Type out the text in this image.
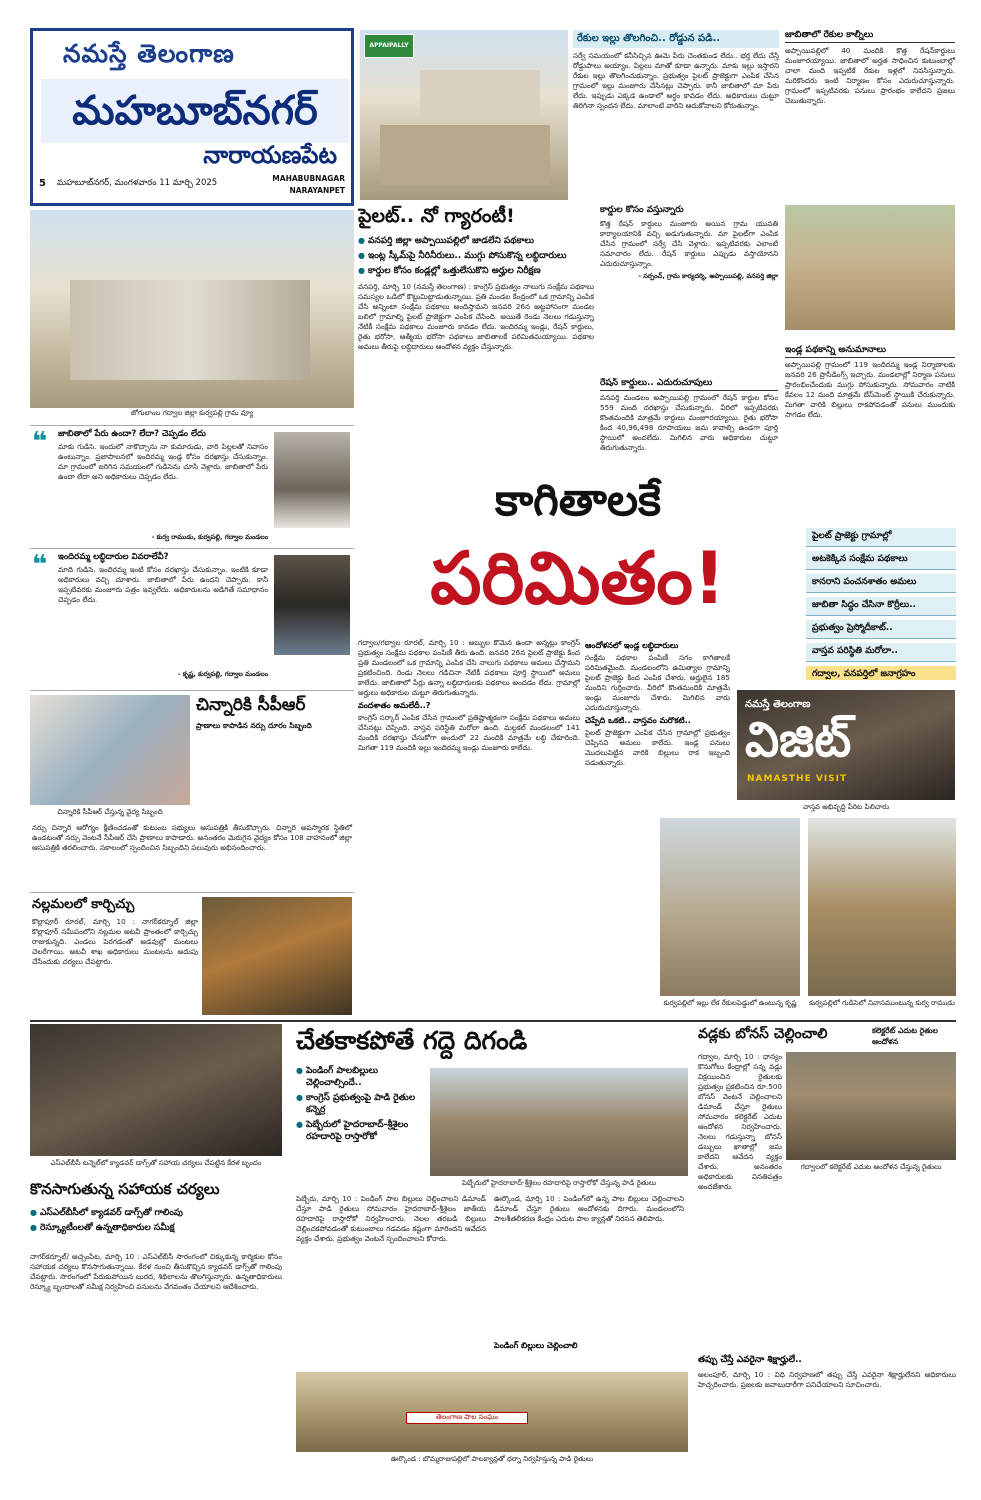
నమస్తే తెలంగాణ
మహబూబ్‌నగర్
నారాయణపేట
5 మహబూబ్‌నగర్, మంగళవారం 11 మార్చి 2025	MAHABUBNAGAR
NARAYANPET
APPAIPALLY
రేకుల ఇల్లు తొలగించి.. రోడ్డున పడి..
సర్వే సమయంలో కనీసిచ్చిన ఊమె పేరు చెంతకుండ లేదు.. భర్త లేదు చేస్తే రోడ్డుపాలు అయ్యాం. పిల్లలు మాతో కూడా ఉన్నారు. మాకు ఇల్లు ఇస్తారని రేకుల ఇల్లు తొలగించుకున్నాం. ప్రభుత్వం పైలట్‌ ప్రాజెక్టుగా ఎంపిక చేసిన గ్రామంలో ఇల్లు మంజూరు చేసినట్లు చెప్పారు. కానీ జాబితాలో మా పేరు లేదు. ఇప్పుడు ఎక్కడ ఉండాలో అర్థం కావడం లేదు. అధికారులు చుట్టూ తిరిగినా స్పందన లేదు. మాలాంటి వారిని ఆదుకోవాలని కోరుతున్నాం.
జాబితాలో రేకుల కాల్నీలు
అప్పాయిపల్లిలో 40 మందికి కొత్త రేషన్‌కార్డులు మంజూరయ్యాయి. జాబితాలో అర్హత సాధించిన కుటుంబాల్లో చాలా మంది ఇప్పటికే రేకుల ఇళ్లలో నివసిస్తున్నారు. మరికొందరు ఇంటి నిర్మాణం కోసం ఎదురుచూస్తున్నారు. గ్రామంలో ఇప్పటివరకు పనులు ప్రారంభం కాలేదని ప్రజలు చెబుతున్నారు.
జోగులాంబ గద్వాల జిల్లా కుర్వపల్లి గ్రామ వ్యూ
పైలట్‌.. నో గ్యారంటీ!
● వనపర్తి జిల్లా అప్పాయిపల్లిలో జాడలేని పథకాలు
● ఇంట్ల స్కీమ్‌పై నీరినీరులు.. ముగ్గు పోసుకొన్న లబ్ధిదారులు
● కార్డుల కోసం కండ్లల్లో ఒత్తులేసుకొని అర్హుల నిరీక్షణ
వనపర్తి, మార్చి 10 (నమస్తే తెలంగాణ) : కాంగ్రెస్‌ ప్రభుత్వం నాలుగు సంక్షేమ పథకాలు సమస్యల ఒడిలో కొట్టుమిట్టాడుతున్నాయి. ప్రతి మండల కేంద్రంలో ఒక గ్రామాన్ని ఎంపిక చేసి అన్నింటా సంక్షేమ పథకాలు అందిస్తామని జనవరి 26న అట్టహాసంగా మండల బలిలో గ్రామాల్ని పైలట్‌ ప్రాజెక్టుగా ఎంపిక చేసింది. అయితే రెండు నెలలు గడుస్తున్నా నేటికీ సంక్షేమ పథకాలు మంజూరు కావడం లేదు. ఇందిరమ్మ ఇండ్లు, రేషన్‌ కార్డులు, రైతు భరోసా, ఆత్మీయ భరోసా పథకాలు జాబితాలకే పరిమితమయ్యాయి. పథకాల అమలు తీరుపై లబ్ధిదారులు ఆందోళన వ్యక్తం చేస్తున్నారు.
కార్డుల కోసం వస్తున్నారు
కొత్త రేషన్‌ కార్డులు మంజూరు అయిన గ్రామ యువతి కార్యాలయానికి వచ్చి అడుగుతున్నారు. మా పైలట్‌గా ఎంపిక చేసిన గ్రామంలో సర్వే చేసి వెళ్లారు. ఇప్పటివరకు ఎలాంటి సమాచారం లేదు. రేషన్‌ కార్డులు ఎప్పుడు వస్తాయోనని ఎదురుచూస్తున్నాం.
- సర్పంచ్, గ్రామ కార్యదర్శి, అప్పాయిపల్లి, వనపర్తి జిల్లా
రేషన్‌ కార్డులు.. ఎదురుచూపులు
వనపర్తి మండలం అప్పాయిపల్లి గ్రామంలో రేషన్‌ కార్డుల కోసం 559 మంది దరఖాస్తు చేసుకున్నారు. వీరిలో ఇప్పటివరకు కొంతమందికి మాత్రమే కార్డులు మంజూరయ్యాయి. రైతు భరోసా కింద 40,96,498 రూపాయలు జమ కావాల్సి ఉండగా పూర్తి స్థాయిలో అందలేదు. మిగిలిన వారు అధికారుల చుట్టూ తిరుగుతున్నారు.
ఇండ్ల పథకాన్ని అనుమానాలు
అప్పాయిపల్లి గ్రామంలో 119 ఇందిరమ్మ ఇండ్ల నిర్మాణాలకు జనవరి 26 ప్రొసీడింగ్స్‌ ఇచ్చారు. మండలాల్లో నిర్మాణ పనులు ప్రారంభించేందుకు ముగ్గు పోసుకున్నారు. సోమవారం నాటికి కేవలం 12 మంది మాత్రమే బేస్‌మెంట్‌ స్థాయికి చేరుకున్నారు. మిగతా వారికి బిల్లులు రాకపోవడంతో పనులు ముందుకు సాగడం లేదు.
❝ జాబితాలో పేరు ఉందా? లేదా? చెప్పడం లేదు
మాకు గుడిసె. ఇందులో నాకొచ్చాను నా కుమారుడు, వారి పిల్లలతో నివాసం ఉంటున్నాం. ప్రజాపాలనలో ఇందిరమ్మ ఇండ్ల కోసం దరఖాస్తు చేసుకున్నాం. మా గ్రామంలో జరిగిన సమయంలో గుడిసెను చూసి వెళ్లారు. జాబితాలో పేరు ఉందా లేదా అని అధికారులు చెప్పడం లేదు.
- కుర్వ రాముడు, కుర్వపల్లి, గద్వాల మండలం
❝ ఇందిరమ్మ లబ్ధిదారుల వివరాలేవీ?
మాది గుడిసె. ఇందిరమ్మ ఇంటి కోసం దరఖాస్తు చేసుకున్నాం. ఇంటికి కూడా అధికారులు వచ్చి చూశారు. జాబితాలో పేరు ఉందని చెప్పారు. కానీ ఇప్పటివరకు మంజూరు పత్రం ఇవ్వలేదు. అధికారులను అడిగితే సమాధానం చెప్పడం లేదు.
- కృష్ణ, కుర్వపల్లి, గద్వాల మండలం
కాగితాలకే
పరిమితం!	పైలట్‌ ప్రాజెక్టు గ్రామాల్లో
అటకెక్కిన సంక్షేమ పథకాలు
కానరాని పంచనశాతం అమలు
జాబితా సిద్ధం చేసినా కొర్రీలు..
ప్రభుత్వం ప్రెస్మోదీకాట్‌..
వాస్తవ పరిస్థితి మరోలా..
గద్వాల, వనపర్తిలో జనాగ్రహం
గద్వాల/గద్వాల రూరల్‌, మార్చి 10 : అబ్బుల కొమెన ఉందా అన్నట్లు కాంగ్రెస్‌ ప్రభుత్వం సంక్షేమ పథకాల పంపిణీ తీరు ఉంది. జనవరి 26న పైలట్‌ ప్రాజెక్టు కింద ప్రతి మండలంలో ఒక గ్రామాన్ని ఎంపిక చేసి నాలుగు పథకాలు అమలు చేస్తామని ప్రకటించింది. రెండు నెలలు గడిచినా నేటికీ పథకాలు పూర్తి స్థాయిలో అమలు కాలేదు. జాబితాలో పేర్లు ఉన్నా లబ్ధిదారులకు పథకాలు అందడం లేదు. గ్రామాల్లో అర్హులు అధికారుల చుట్టూ తిరుగుతున్నారు.
వందశాతం అమలేదీ..?
కాంగ్రెస్‌ సర్కార్‌ ఎంపిక చేసిన గ్రామంలో ప్రతిష్టాత్మకంగా సంక్షేమ పథకాలు అమలు చేసినట్లు చెప్పింది. వాస్తవ పరిస్థితి మరోలా ఉంది. మల్దకల్‌ మండలంలో 141 మందికి దరఖాస్తు చేసుకోగా అందులో 22 మందికి మాత్రమే లబ్ధి చేకూరింది. మిగతా 119 మందికి ఇల్లు ఇందిరమ్మ ఇండ్లు మంజూరు కాలేదు.
ఆందోళనలో ఇండ్ల లబ్ధిదారులు
సంక్షేమ పథకాల పంపిణీ సగం కాగితాలకే పరిమితమైంది. మండలంలోని ఉమిత్యాల గ్రామాన్ని పైలట్‌ ప్రాజెక్టు కింద ఎంపిక చేశారు. అర్హులైన 185 మందిని గుర్తించారు. వీరిలో కొంతమందికి మాత్రమే ఇండ్లు మంజూరు చేశారు. మిగిలిన వారు ఎదురుచూస్తున్నారు.
చెప్పేది ఒకటి.. వాస్తవం మరొకటి..
పైలట్‌ ప్రాజెక్టుగా ఎంపిక చేసిన గ్రామాల్లో ప్రభుత్వం చెప్పినవి అమలు కాలేదు. ఇండ్ల పనులు మొదలుపెట్టిన వారికి బిల్లులు రాక ఇబ్బంది పడుతున్నారు.
నమస్తే తెలంగాణ
విజిట్‌
NAMASTHE VISIT
వాస్తవ అభివృద్ధి పేరిట పిలిచారు
కుర్వపల్లిలో ఇల్లు లేక రేకులపెడ్డులో ఉంటున్న కృష్ణ	కుర్వపల్లిలో గుడిసెలో నివాసముంటున్న కుర్వ రాముడు
చిన్నారికి సీపీఆర్‌ చేస్తున్న వైద్య సిబ్బంది
చిన్నారికి సీపీఆర్‌
ప్రాణాలు కాపాడిన నర్సు దూరం సిబ్బంది
నర్సు చిన్నారి ఆరోగ్యం క్షీణించడంతో కుటుంబ సభ్యులు ఆసుపత్రికి తీసుకొచ్చారు. చిన్నారి అపస్మారక స్థితిలో ఉండటంతో నర్సు వెంటనే సీపీఆర్‌ చేసి ప్రాణాలు కాపాడారు. అనంతరం మెరుగైన వైద్యం కోసం 108 వాహనంలో జిల్లా ఆసుపత్రికి తరలించారు. సకాలంలో స్పందించిన సిబ్బందిని పలువురు అభినందించారు.
నల్లమలలో కార్చిచ్చు
కొల్లాపూర్‌ రూరల్‌, మార్చి 10 : నాగర్‌కర్నూల్‌ జిల్లా కొల్లాపూర్‌ సమీపంలోని నల్లమల అటవీ ప్రాంతంలో కార్చిచ్చు రాజుకున్నది. ఎండలు పెరగడంతో అడవుల్లో మంటలు చెలరేగాయి. అటవీ శాఖ అధికారులు మంటలను అదుపు చేసేందుకు చర్యలు చేపట్టారు.
ఎస్‌ఎల్‌బీసీ టన్నెల్‌లో క్యాడవర్‌ డాగ్స్‌తో సహాయ చర్యలు చేపట్టిన కేరళ బృందం
కొనసాగుతున్న సహాయక చర్యలు
● ఎస్‌ఎల్‌బీసీలో క్యాడవర్‌ డాగ్స్‌తో గాలింపు
● రెస్క్యూటీంలతో ఉన్నతాధికారుల సమీక్ష
నాగర్‌కర్నూల్‌/ అచ్చంపేట, మార్చి 10 : ఎస్‌ఎల్‌బీసీ సొరంగంలో చిక్కుకున్న కార్మికుల కోసం సహాయక చర్యలు కొనసాగుతున్నాయి. కేరళ నుంచి తీసుకొచ్చిన క్యాడవర్‌ డాగ్స్‌తో గాలింపు చేపట్టారు. సొరంగంలో పేరుకుపోయిన బురద, శిథిలాలను తొలగిస్తున్నారు. ఉన్నతాధికారులు రెస్క్యూ బృందాలతో సమీక్ష నిర్వహించి పనులను వేగవంతం చేయాలని ఆదేశించారు.
చేతకాకపోతే గద్దె దిగండి
● పెండింగ్‌ పాలబిల్లులు చెల్లించాల్సిందే..
● కాంగ్రెస్‌ ప్రభుత్వంపై పాడి రైతుల కన్నెర్ర
● పెబ్బేరులో హైదరాబాద్‌-శ్రీశైలం రహదారిపై రాస్తారోకో
పెబ్బేరులో హైదరాబాద్‌-శ్రీశైలం రహదారిపై రాస్తారోకో చేస్తున్న పాడి రైతులు
పెబ్బేరు, మార్చి 10 : పెండింగ్‌ పాల బిల్లులు చెల్లించాలని డిమాండ్‌ చేస్తూ పాడి రైతులు సోమవారం హైదరాబాద్‌-శ్రీశైలం జాతీయ రహదారిపై రాస్తారోకో నిర్వహించారు. నెలల తరబడి బిల్లులు చెల్లించకపోవడంతో కుటుంబాలు గడవడం కష్టంగా మారిందని ఆవేదన వ్యక్తం చేశారు. ప్రభుత్వం వెంటనే స్పందించాలని కోరారు.
పెండింగ్‌ బిల్లులు చెల్లించాలి
ఊర్కొండ, మార్చి 10 : పెండింగ్‌లో ఉన్న పాల బిల్లులు చెల్లించాలని డిమాండ్‌ చేస్తూ రైతులు ఆందోళనకు దిగారు. మండలంలోని పాలశీతలీకరణ కేంద్రం ఎదుట పాల క్యాన్లతో నిరసన తెలిపారు.
తెలంగాణ పాల సంఘం
ఊర్కొండ : బొమ్మరాజుపల్లిలో పాలక్యాన్లతో ధర్నా నిర్వహిస్తున్న పాడి రైతులు
వడ్లకు బోనస్‌ చెల్లించాలి	కలెక్టరేట్‌ ఎదుట రైతుల ఆందోళన
గద్వాలలో కలెక్టరేట్‌ ఎదుట ఆందోళన చేస్తున్న రైతులు
గద్వాల, మార్చి 10 : ధాన్యం కొనుగోలు కేంద్రాల్లో సన్న వడ్లు విక్రయించిన రైతులకు ప్రభుత్వం ప్రకటించిన రూ.500 బోనస్‌ వెంటనే చెల్లించాలని డిమాండ్‌ చేస్తూ రైతులు సోమవారం కలెక్టరేట్‌ ఎదుట ఆందోళన నిర్వహించారు. నెలలు గడుస్తున్నా బోనస్‌ డబ్బులు ఖాతాల్లో జమ కాలేదని ఆవేదన వ్యక్తం చేశారు. అనంతరం అధికారులకు వినతిపత్రం అందజేశారు.
తప్పు చేస్తే ఎవరైనా శిక్షార్హులే..
అలంపూర్‌, మార్చి 10 : విధి నిర్వహణలో తప్పు చేస్తే ఎవరైనా శిక్షార్హులేనని అధికారులు హెచ్చరించారు. ప్రజలకు జవాబుదారీగా పనిచేయాలని సూచించారు.
